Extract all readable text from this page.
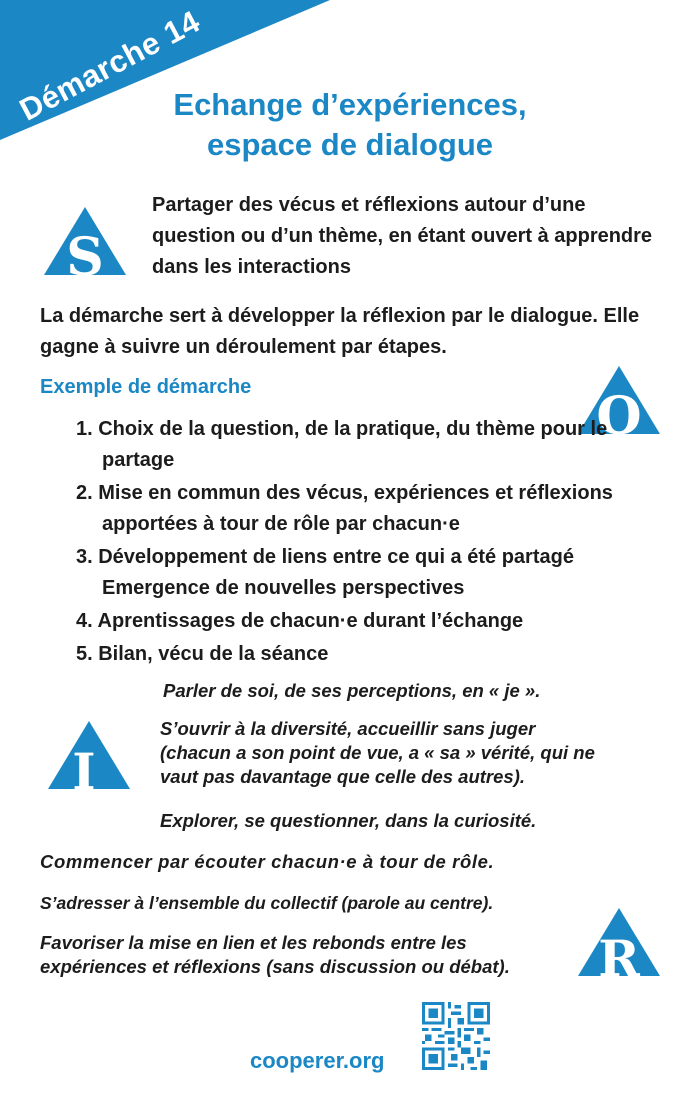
Démarche 14
Echange d’expériences,
espace de dialogue
S
Partager des vécus et réflexions autour d’une question ou d’un thème, en étant ouvert à apprendre dans les interactions
La démarche sert à développer la réflexion par le dialogue. Elle gagne à suivre un déroulement par étapes.
Exemple de démarche	O
1. Choix de la question, de la pratique, du thème pour le partage
2. Mise en commun des vécus, expériences et réflexions apportées à tour de rôle par chacun·e
3. Développement de liens entre ce qui a été partagé Emergence de nouvelles perspectives
4. Aprentissages de chacun·e durant l’échange
5. Bilan, vécu de la séance
I
Parler de soi, de ses perceptions, en « je ».
S’ouvrir à la diversité, accueillir sans juger (chacun a son point de vue, a « sa » vérité, qui ne vaut pas davantage que celle des autres).
Explorer, se questionner, dans la curiosité.
Commencer par écouter chacun·e à tour de rôle.
S’adresser à l’ensemble du collectif (parole au centre).
Favoriser la mise en lien et les rebonds entre les expériences et réflexions (sans discussion ou débat).	R
cooperer.org
